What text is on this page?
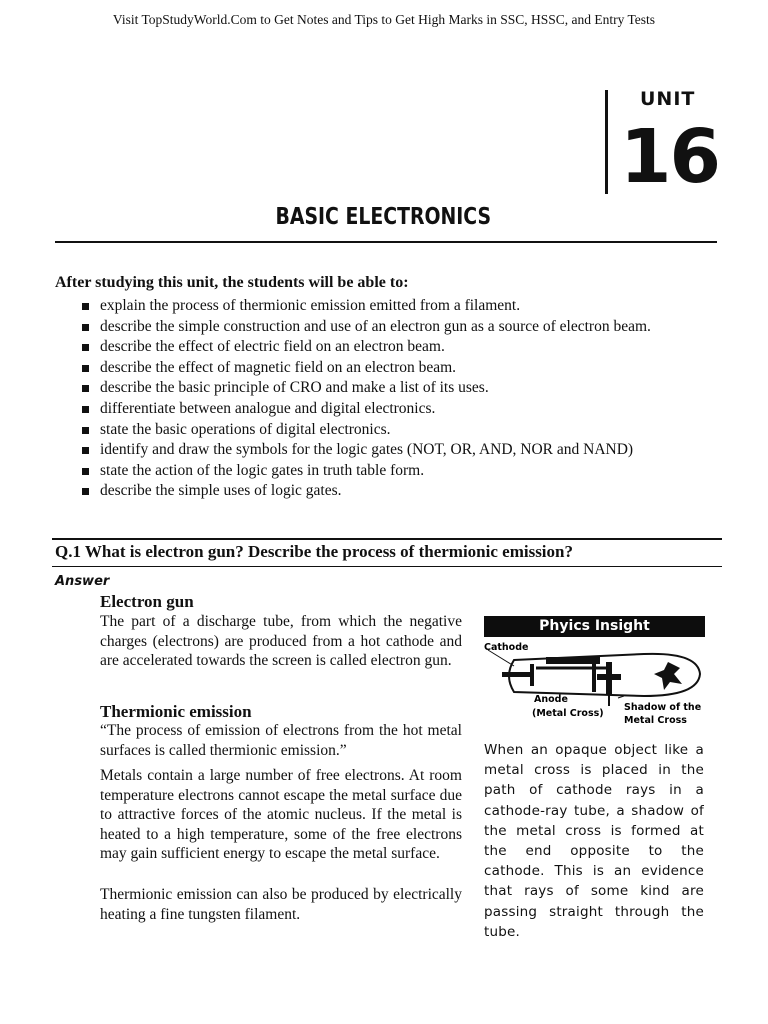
Visit TopStudyWorld.Com to Get Notes and Tips to Get High Marks in SSC, HSSC, and Entry Tests
UNIT
16
BASIC ELECTRONICS
After studying this unit, the students will be able to:
explain the process of thermionic emission emitted from a filament.
describe the simple construction and use of an electron gun as a source of electron beam.
describe the effect of electric field on an electron beam.
describe the effect of magnetic field on an electron beam.
describe the basic principle of CRO and make a list of its uses.
differentiate between analogue and digital electronics.
state the basic operations of digital electronics.
identify and draw the symbols for the logic gates (NOT, OR, AND, NOR and NAND)
state the action of the logic gates in truth table form.
describe the simple uses of logic gates.
Q.1 What is electron gun? Describe the process of thermionic emission?
Answer
Electron gun
The part of a discharge tube, from which the negative charges (electrons) are produced from a hot cathode and are accelerated towards the screen is called electron gun.
Thermionic emission
“The process of emission of electrons from the hot metal surfaces is called thermionic emission.”
Metals contain a large number of free electrons. At room temperature electrons cannot escape the metal surface due to attractive forces of the atomic nucleus. If the metal is heated to a high temperature, some of the free electrons may gain sufficient energy to escape the metal surface.
Thermionic emission can also be produced by electrically heating a fine tungsten filament.
Phyics Insight
Cathode
Anode
(Metal Cross)
Shadow of the
Metal Cross
When an opaque object like a metal cross is placed in the path of cathode rays in a cathode-ray tube, a shadow of the metal cross is formed at the end opposite to the cathode. This is an evidence that rays of some kind are passing straight through the tube.
